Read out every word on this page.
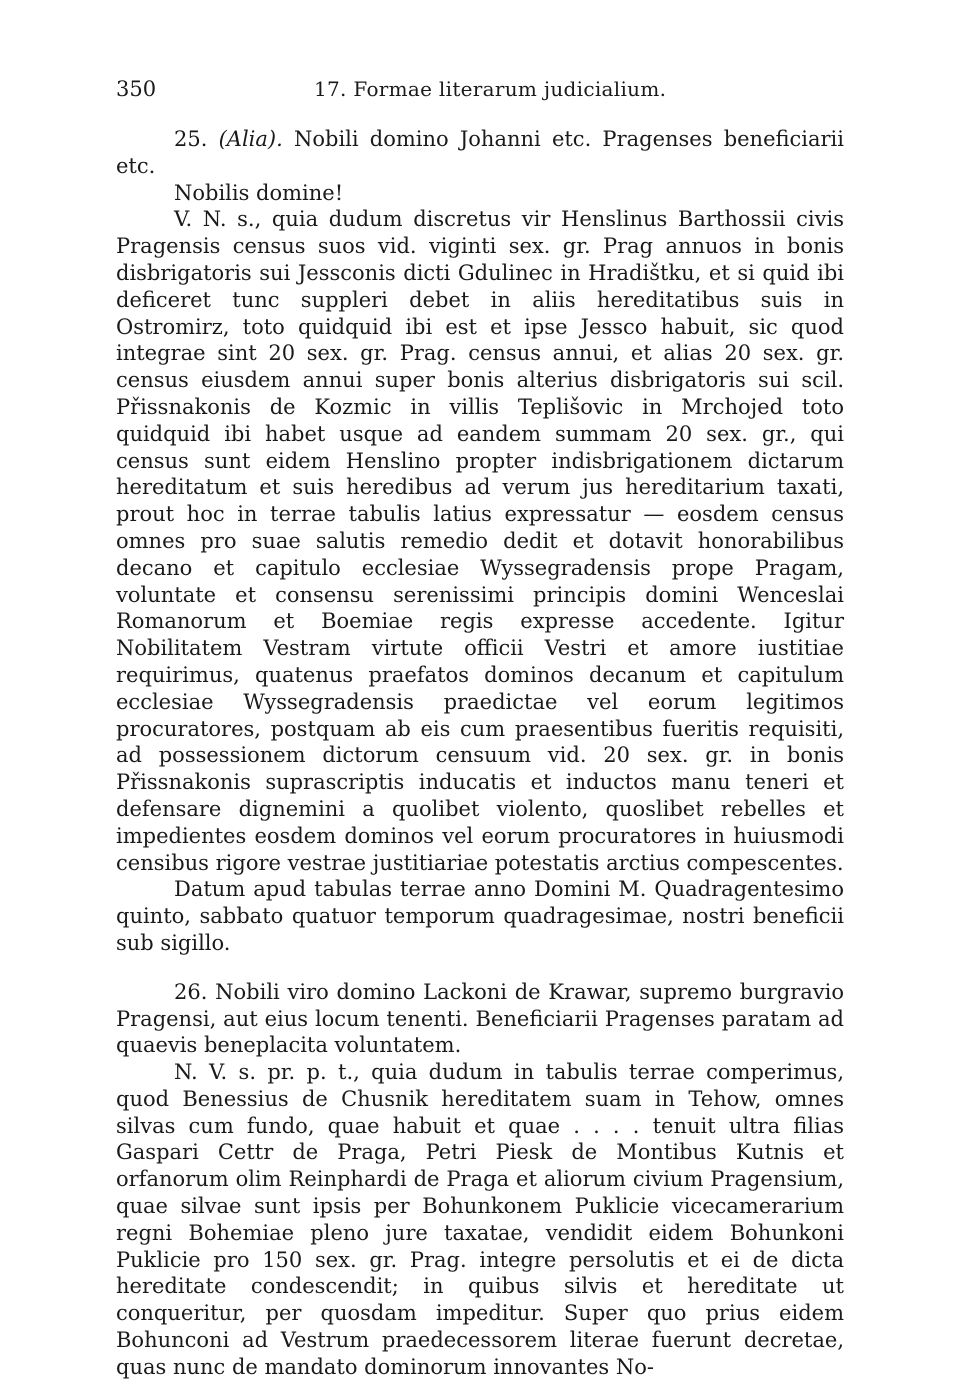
350	17. Formae literarum judicialium.

25. (Alia). Nobili domino Johanni etc. Pragenses beneficiarii etc.

Nobilis domine!

V. N. s., quia dudum discretus vir Henslinus Barthossii civis Pragensis census suos vid. viginti sex. gr. Prag annuos in bonis disbrigatoris sui Jessconis dicti Gdulinec in Hradištku, et si quid ibi deficeret tunc suppleri debet in aliis hereditatibus suis in Ostromirz, toto quidquid ibi est et ipse Jessco habuit, sic quod integrae sint 20 sex. gr. Prag. census annui, et alias 20 sex. gr. census eiusdem annui super bonis alterius disbrigatoris sui scil. Přissnakonis de Kozmic in villis Teplišovic in Mrchojed toto quidquid ibi habet usque ad eandem summam 20 sex. gr., qui census sunt eidem Henslino propter indisbrigationem dictarum hereditatum et suis heredibus ad verum jus hereditarium taxati, prout hoc in terrae tabulis latius expressatur — eosdem census omnes pro suae salutis remedio dedit et dotavit honorabilibus decano et capitulo ecclesiae Wyssegradensis prope Pragam, voluntate et consensu serenissimi principis domini Wenceslai Romanorum et Boemiae regis expresse accedente. Igitur Nobilitatem Vestram virtute officii Vestri et amore iustitiae requirimus, quatenus praefatos dominos decanum et capitulum ecclesiae Wyssegradensis praedictae vel eorum legitimos procuratores, postquam ab eis cum praesentibus fueritis requisiti, ad possessionem dictorum censuum vid. 20 sex. gr. in bonis Přissnakonis suprascriptis inducatis et inductos manu teneri et defensare dignemini a quolibet violento, quoslibet rebelles et impedientes eosdem dominos vel eorum procuratores in huiusmodi censibus rigore vestrae justitiariae potestatis arctius compescentes.

Datum apud tabulas terrae anno Domini M. Quadragentesimo quinto, sabbato quatuor temporum quadragesimae, nostri beneficii sub sigillo.

26. Nobili viro domino Lackoni de Krawar, supremo burgravio Pragensi, aut eius locum tenenti. Beneficiarii Pragenses paratam ad quaevis beneplacita voluntatem.

N. V. s. pr. p. t., quia dudum in tabulis terrae comperimus, quod Benessius de Chusnik hereditatem suam in Tehow, omnes silvas cum fundo, quae habuit et quae . . . . tenuit ultra filias Gaspari Cettr de Praga, Petri Piesk de Montibus Kutnis et orfanorum olim Reinphardi de Praga et aliorum civium Pragensium, quae silvae sunt ipsis per Bohunkonem Puklicie vicecamerarium regni Bohemiae pleno jure taxatae, vendidit eidem Bohunkoni Puklicie pro 150 sex. gr. Prag. integre persolutis et ei de dicta hereditate condescendit; in quibus silvis et hereditate ut conqueritur, per quosdam impeditur. Super quo prius eidem Bohunconi ad Vestrum praedecessorem literae fuerunt decretae, quas nunc de mandato dominorum innovantes No-
